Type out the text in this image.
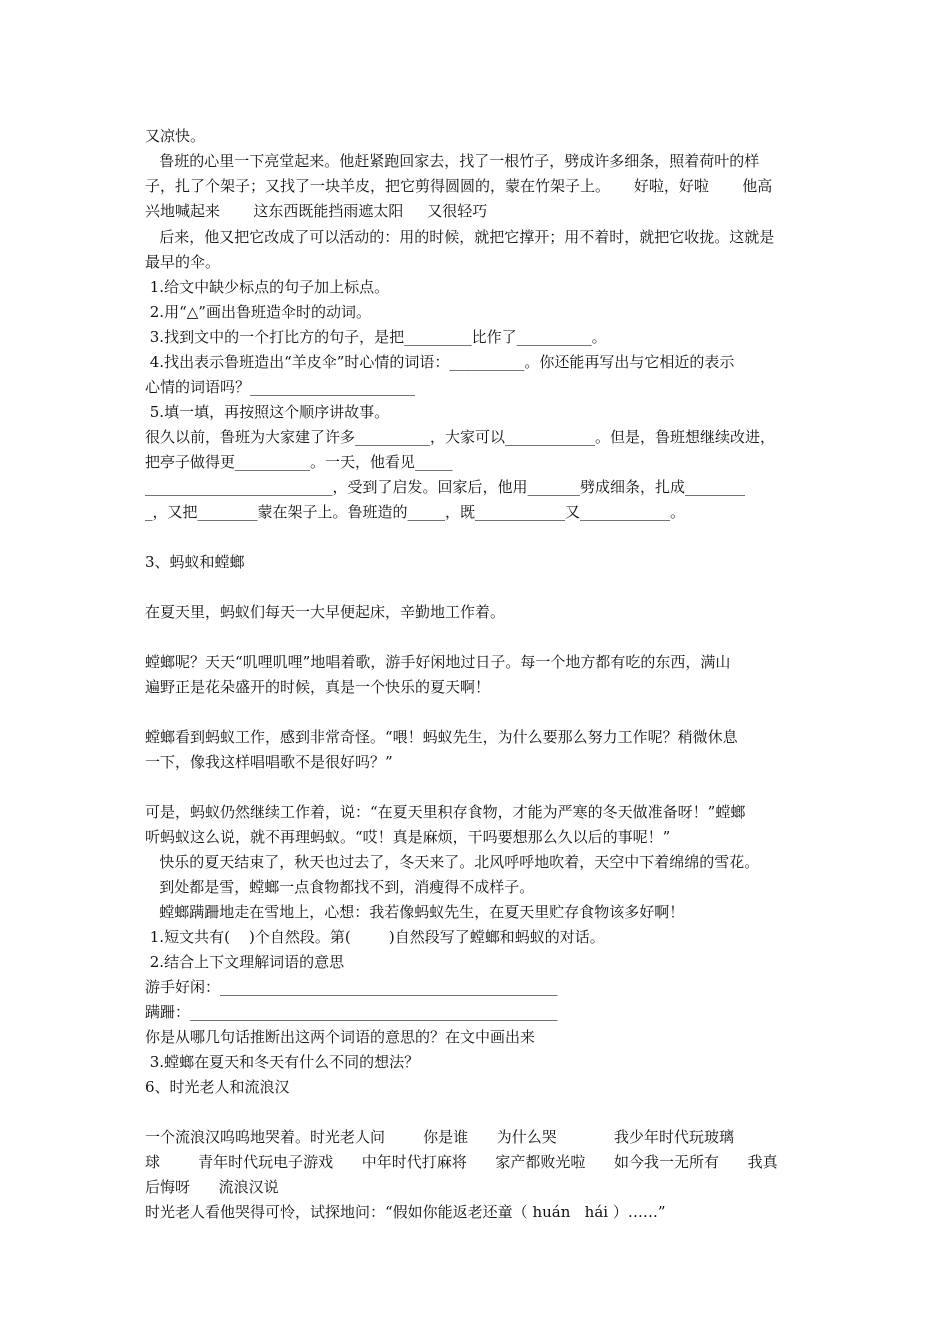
又凉快。

鲁班的心里一下亮堂起来。他赶紧跑回家去，找了一根竹子，劈成许多细条，照着荷叶的样

子，扎了个架子；又找了一块羊皮，把它剪得圆圆的，蒙在竹架子上。     好啦，好啦       他高

兴地喊起来       这东西既能挡雨遮太阳     又很轻巧

后来，他又把它改成了可以活动的：用的时候，就把它撑开；用不着时，就把它收拢。这就是

最早的伞。

1.给文中缺少标点的句子加上标点。

2.用“△”画出鲁班造伞时的动词。

3.找到文中的一个打比方的句子，是把_________比作了__________。

4.找出表示鲁班造出“羊皮伞”时心情的词语：__________。你还能再写出与它相近的表示

心情的词语吗？______________________

5.填一填，再按照这个顺序讲故事。

很久以前，鲁班为大家建了许多__________，大家可以____________。但是，鲁班想继续改进，

把亭子做得更__________。一天，他看见_____

_________________________，受到了启发。回家后，他用_______劈成细条，扎成________

_，又把________蒙在架子上。鲁班造的_____，既____________又____________。

3、蚂蚁和螳螂

在夏天里，蚂蚁们每天一大早便起床，辛勤地工作着。

螳螂呢？天天“叽哩叽哩”地唱着歌，游手好闲地过日子。每一个地方都有吃的东西，满山

遍野正是花朵盛开的时候，真是一个快乐的夏天啊！

螳螂看到蚂蚁工作，感到非常奇怪。“喂！蚂蚁先生，为什么要那么努力工作呢？稍微休息

一下，像我这样唱唱歌不是很好吗？”

可是，蚂蚁仍然继续工作着，说：“在夏天里积存食物，才能为严寒的冬天做准备呀！”螳螂

听蚂蚁这么说，就不再理蚂蚁。“哎！真是麻烦，干吗要想那么久以后的事呢！”

快乐的夏天结束了，秋天也过去了，冬天来了。北风呼呼地吹着，天空中下着绵绵的雪花。

到处都是雪，螳螂一点食物都找不到，消瘦得不成样子。

螳螂蹒跚地走在雪地上，心想：我若像蚂蚁先生，在夏天里贮存食物该多好啊！

1.短文共有(    )个自然段。第(        )自然段写了螳螂和蚂蚁的对话。

2.结合上下文理解词语的意思

游手好闲：_____________________________________________

蹒跚：_________________________________________________

你是从哪几句话推断出这两个词语的意思的？在文中画出来

3.螳螂在夏天和冬天有什么不同的想法？

6、时光老人和流浪汉

一个流浪汉呜呜地哭着。时光老人问        你是谁      为什么哭            我少年时代玩玻璃

球        青年时代玩电子游戏      中年时代打麻将      家产都败光啦      如今我一无所有      我真

后悔呀      流浪汉说

时光老人看他哭得可怜，试探地问：“假如你能返老还童（ huán   hái ）……”
